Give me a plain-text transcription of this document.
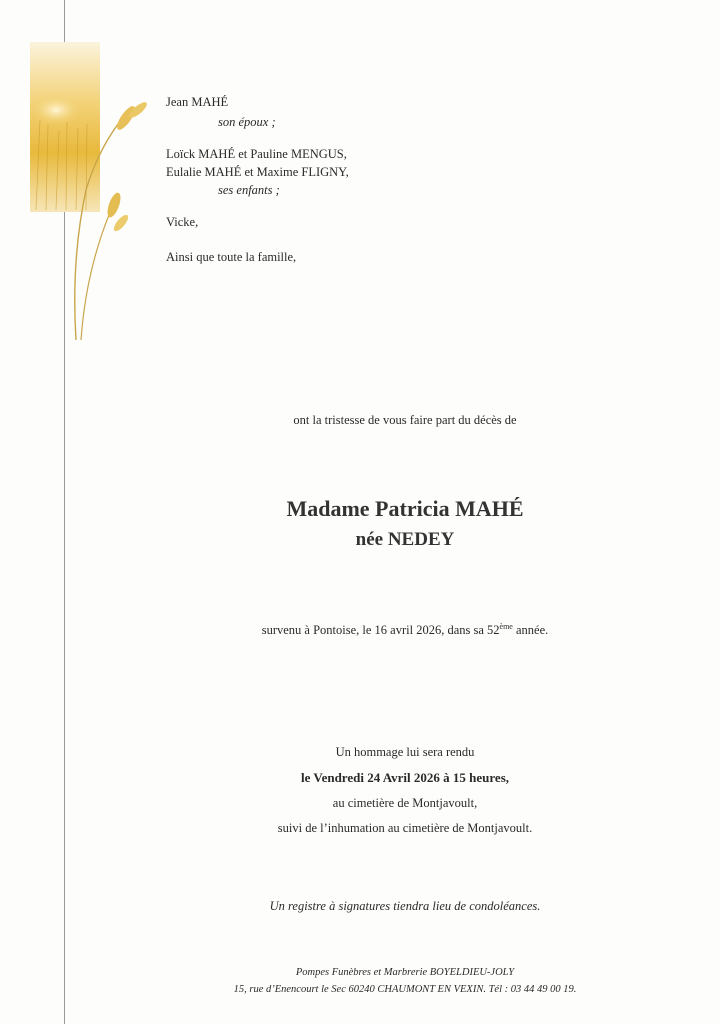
Jean MAHÉ
son époux ;
Loïck MAHÉ et Pauline MENGUS,
Eulalie MAHÉ et Maxime FLIGNY,
ses enfants ;
Vicke,
Ainsi que toute la famille,
ont la tristesse de vous faire part du décès de
Madame Patricia MAHÉ
née NEDEY
survenu à Pontoise, le 16 avril 2026, dans sa 52ème année.
Un hommage lui sera rendu
le Vendredi 24 Avril 2026 à 15 heures,
au cimetière de Montjavoult,
suivi de l’inhumation au cimetière de Montjavoult.
Un registre à signatures tiendra lieu de condoléances.
Pompes Funèbres et Marbrerie BOYELDIEU-JOLY
15, rue d’Enencourt le Sec 60240 CHAUMONT EN VEXIN. Tél : 03 44 49 00 19.
